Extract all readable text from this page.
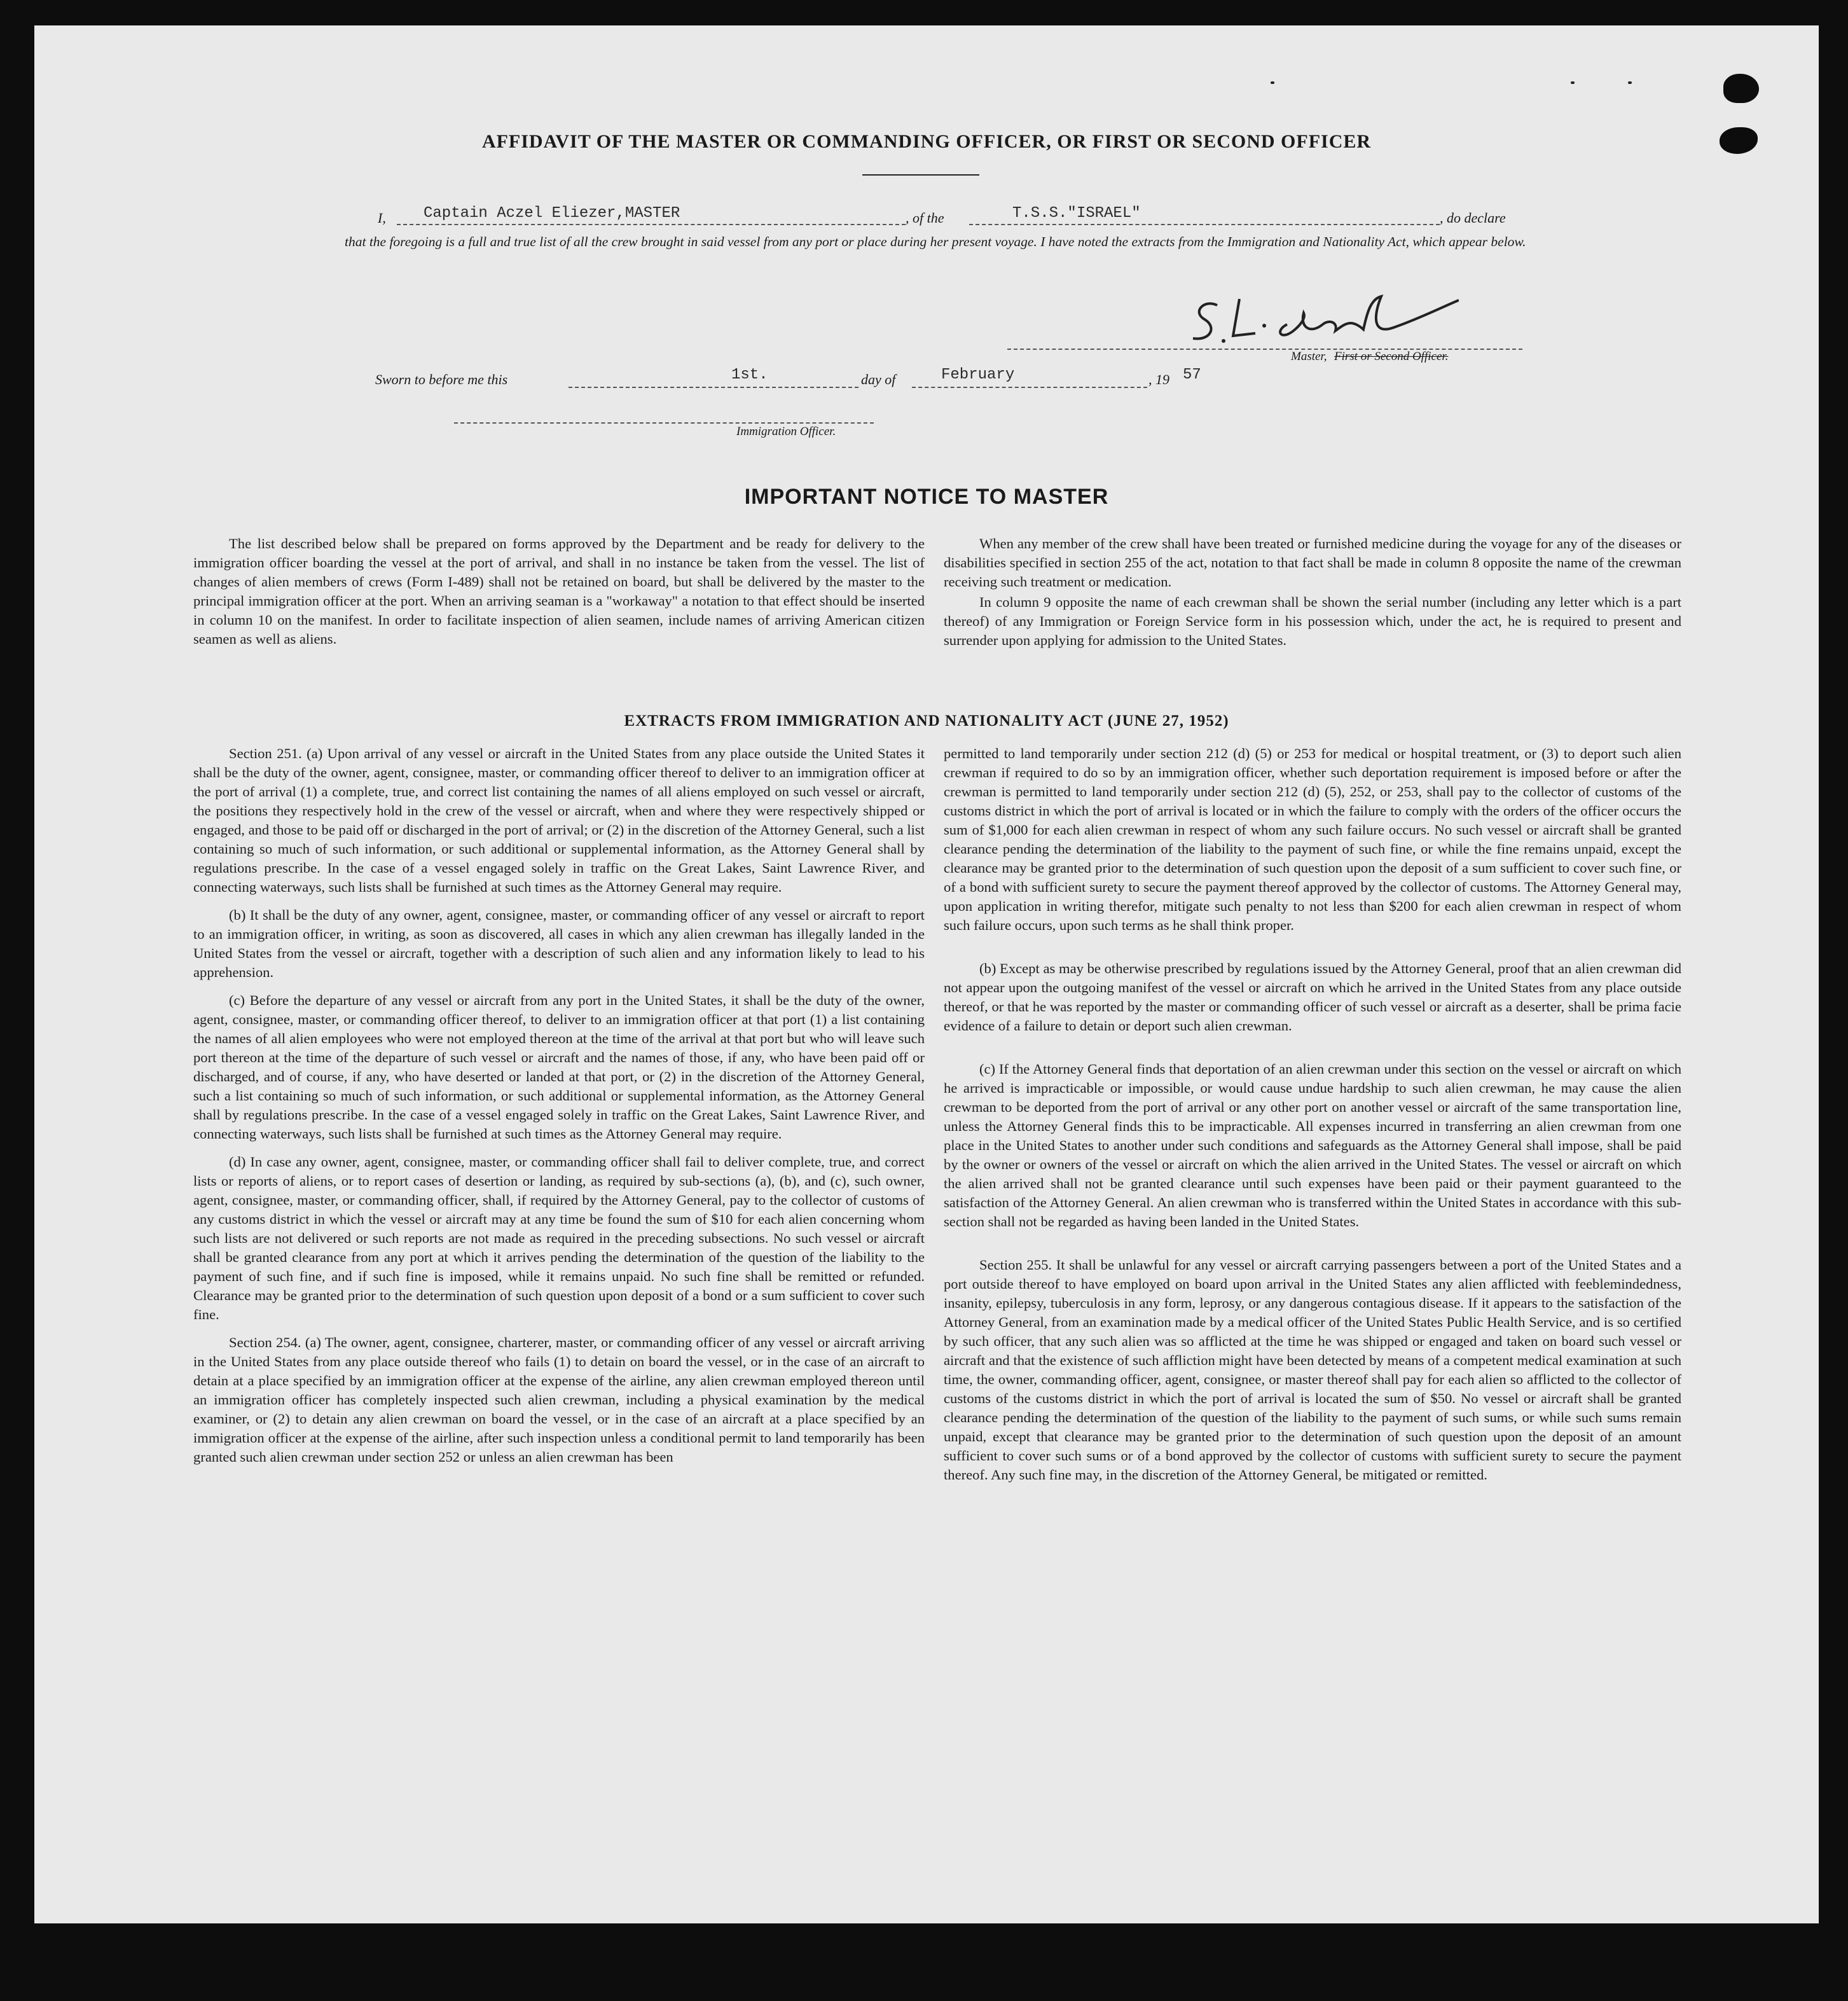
AFFIDAVIT OF THE MASTER OR COMMANDING OFFICER, OR FIRST OR SECOND OFFICER
I, Captain Aczel Eliezer,MASTER	, of the	T.S.S."ISRAEL"	, do declare

that the foregoing is a full and true list of all the crew brought in said vessel from any port or place during her present voyage. I have noted the extracts from the Immigration and Nationality Act, which appear below.

Master, First or Second Officer.
Sworn to before me this	1st.	day of	February	, 19 57
Immigration Officer.
IMPORTANT NOTICE TO MASTER

The list described below shall be prepared on forms approved by the Department and be ready for delivery to the immigration officer boarding the vessel at the port of arrival, and shall in no instance be taken from the vessel. The list of changes of alien members of crews (Form I-489) shall not be retained on board, but shall be delivered by the master to the principal immigration officer at the port. When an arriving seaman is a "workaway" a notation to that effect should be inserted in column 10 on the manifest. In order to facilitate inspection of alien seamen, include names of arriving American citizen seamen as well as aliens.

When any member of the crew shall have been treated or furnished medicine during the voyage for any of the diseases or disabilities specified in section 255 of the act, notation to that fact shall be made in column 8 opposite the name of the crewman receiving such treatment or medication.

In column 9 opposite the name of each crewman shall be shown the serial number (including any letter which is a part thereof) of any Immigration or Foreign Service form in his possession which, under the act, he is required to present and surrender upon applying for admission to the United States.

EXTRACTS FROM IMMIGRATION AND NATIONALITY ACT (JUNE 27, 1952)

Section 251. (a) Upon arrival of any vessel or aircraft in the United States from any place outside the United States it shall be the duty of the owner, agent, consignee, master, or commanding officer thereof to deliver to an immigration officer at the port of arrival (1) a complete, true, and correct list containing the names of all aliens employed on such vessel or aircraft, the positions they respectively hold in the crew of the vessel or aircraft, when and where they were respectively shipped or engaged, and those to be paid off or discharged in the port of arrival; or (2) in the discretion of the Attorney General, such a list containing so much of such information, or such additional or supplemental information, as the Attorney General shall by regulations prescribe. In the case of a vessel engaged solely in traffic on the Great Lakes, Saint Lawrence River, and connecting waterways, such lists shall be furnished at such times as the Attorney General may require.

(b) It shall be the duty of any owner, agent, consignee, master, or commanding officer of any vessel or aircraft to report to an immigration officer, in writing, as soon as discovered, all cases in which any alien crewman has illegally landed in the United States from the vessel or aircraft, together with a description of such alien and any information likely to lead to his apprehension.

(c) Before the departure of any vessel or aircraft from any port in the United States, it shall be the duty of the owner, agent, consignee, master, or commanding officer thereof, to deliver to an immigration officer at that port (1) a list containing the names of all alien employees who were not employed thereon at the time of the arrival at that port but who will leave such port thereon at the time of the departure of such vessel or aircraft and the names of those, if any, who have been paid off or discharged, and of course, if any, who have deserted or landed at that port, or (2) in the discretion of the Attorney General, such a list containing so much of such information, or such additional or supplemental information, as the Attorney General shall by regulations prescribe. In the case of a vessel engaged solely in traffic on the Great Lakes, Saint Lawrence River, and connecting waterways, such lists shall be furnished at such times as the Attorney General may require.

(d) In case any owner, agent, consignee, master, or commanding officer shall fail to deliver complete, true, and correct lists or reports of aliens, or to report cases of desertion or landing, as required by sub-sections (a), (b), and (c), such owner, agent, consignee, master, or commanding officer, shall, if required by the Attorney General, pay to the collector of customs of any customs district in which the vessel or aircraft may at any time be found the sum of $10 for each alien concerning whom such lists are not delivered or such reports are not made as required in the preceding subsections. No such vessel or aircraft shall be granted clearance from any port at which it arrives pending the determination of the question of the liability to the payment of such fine, and if such fine is imposed, while it remains unpaid. No such fine shall be remitted or refunded. Clearance may be granted prior to the determination of such question upon deposit of a bond or a sum sufficient to cover such fine.

Section 254. (a) The owner, agent, consignee, charterer, master, or commanding officer of any vessel or aircraft arriving in the United States from any place outside thereof who fails (1) to detain on board the vessel, or in the case of an aircraft to detain at a place specified by an immigration officer at the expense of the airline, any alien crewman employed thereon until an immigration officer has completely inspected such alien crewman, including a physical examination by the medical examiner, or (2) to detain any alien crewman on board the vessel, or in the case of an aircraft at a place specified by an immigration officer at the expense of the airline, after such inspection unless a conditional permit to land temporarily has been granted such alien crewman under section 252 or unless an alien crewman has been

permitted to land temporarily under section 212 (d) (5) or 253 for medical or hospital treatment, or (3) to deport such alien crewman if required to do so by an immigration officer, whether such deportation requirement is imposed before or after the crewman is permitted to land temporarily under section 212 (d) (5), 252, or 253, shall pay to the collector of customs of the customs district in which the port of arrival is located or in which the failure to comply with the orders of the officer occurs the sum of $1,000 for each alien crewman in respect of whom any such failure occurs. No such vessel or aircraft shall be granted clearance pending the determination of the liability to the payment of such fine, or while the fine remains unpaid, except the clearance may be granted prior to the determination of such question upon the deposit of a sum sufficient to cover such fine, or of a bond with sufficient surety to secure the payment thereof approved by the collector of customs. The Attorney General may, upon application in writing therefor, mitigate such penalty to not less than $200 for each alien crewman in respect of whom such failure occurs, upon such terms as he shall think proper.

(b) Except as may be otherwise prescribed by regulations issued by the Attorney General, proof that an alien crewman did not appear upon the outgoing manifest of the vessel or aircraft on which he arrived in the United States from any place outside thereof, or that he was reported by the master or commanding officer of such vessel or aircraft as a deserter, shall be prima facie evidence of a failure to detain or deport such alien crewman.

(c) If the Attorney General finds that deportation of an alien crewman under this section on the vessel or aircraft on which he arrived is impracticable or impossible, or would cause undue hardship to such alien crewman, he may cause the alien crewman to be deported from the port of arrival or any other port on another vessel or aircraft of the same transportation line, unless the Attorney General finds this to be impracticable. All expenses incurred in transferring an alien crewman from one place in the United States to another under such conditions and safeguards as the Attorney General shall impose, shall be paid by the owner or owners of the vessel or aircraft on which the alien arrived in the United States. The vessel or aircraft on which the alien arrived shall not be granted clearance until such expenses have been paid or their payment guaranteed to the satisfaction of the Attorney General. An alien crewman who is transferred within the United States in accordance with this sub-section shall not be regarded as having been landed in the United States.

Section 255. It shall be unlawful for any vessel or aircraft carrying passengers between a port of the United States and a port outside thereof to have employed on board upon arrival in the United States any alien afflicted with feeblemindedness, insanity, epilepsy, tuberculosis in any form, leprosy, or any dangerous contagious disease. If it appears to the satisfaction of the Attorney General, from an examination made by a medical officer of the United States Public Health Service, and is so certified by such officer, that any such alien was so afflicted at the time he was shipped or engaged and taken on board such vessel or aircraft and that the existence of such affliction might have been detected by means of a competent medical examination at such time, the owner, commanding officer, agent, consignee, or master thereof shall pay for each alien so afflicted to the collector of customs of the customs district in which the port of arrival is located the sum of $50. No vessel or aircraft shall be granted clearance pending the determination of the question of the liability to the payment of such sums, or while such sums remain unpaid, except that clearance may be granted prior to the determination of such question upon the deposit of an amount sufficient to cover such sums or of a bond approved by the collector of customs with sufficient surety to secure the payment thereof. Any such fine may, in the discretion of the Attorney General, be mitigated or remitted.
